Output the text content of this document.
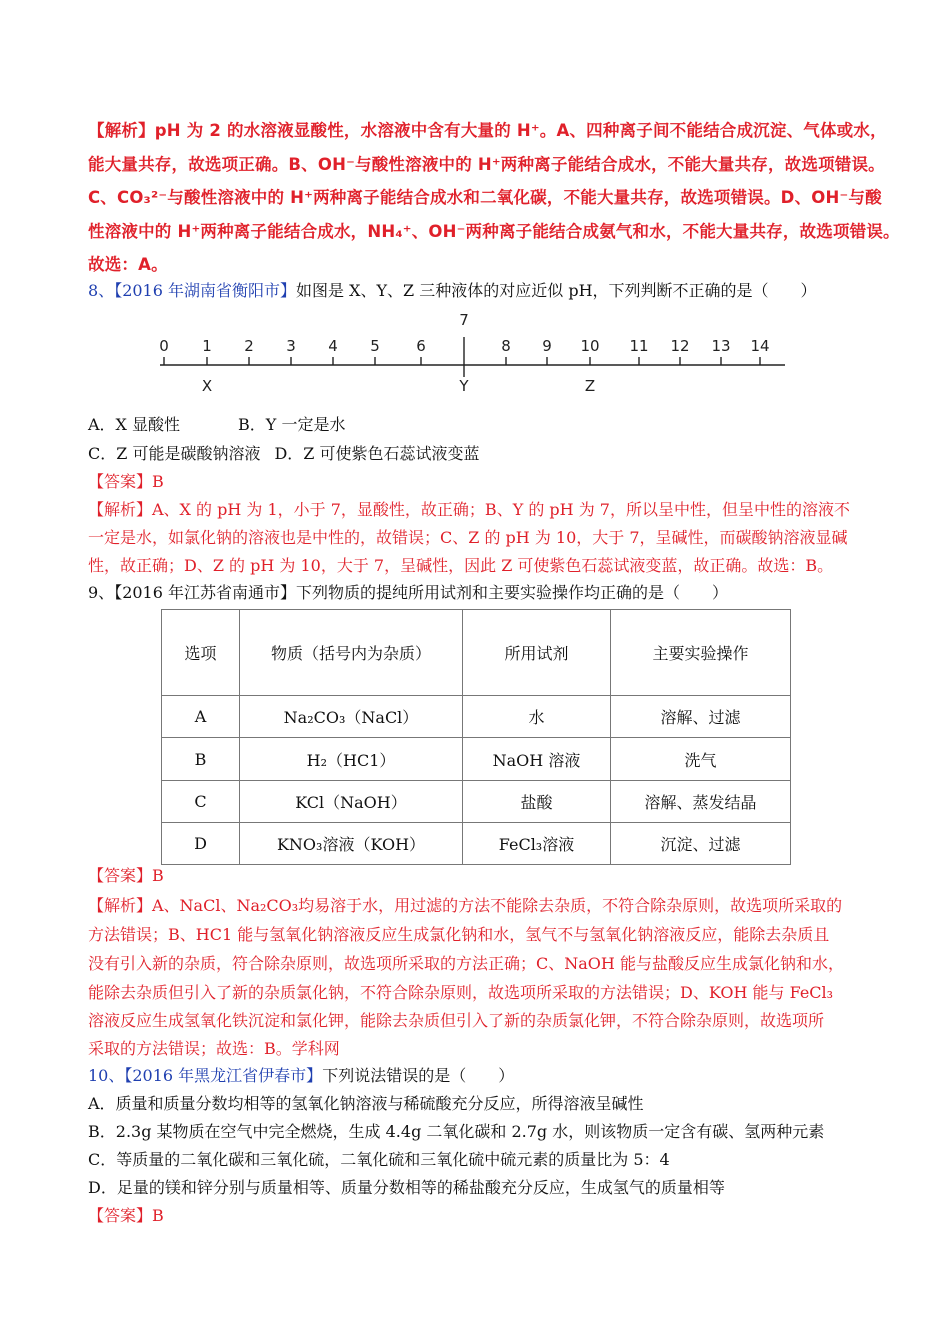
【解析】pH 为 2 的水溶液显酸性，水溶液中含有大量的 H⁺。A、四种离子间不能结合成沉淀、气体或水，
能大量共存，故选项正确。B、OH⁻与酸性溶液中的 H⁺两种离子能结合成水，不能大量共存，故选项错误。
C、CO₃²⁻与酸性溶液中的 H⁺两种离子能结合成水和二氧化碳，不能大量共存，故选项错误。D、OH⁻与酸
性溶液中的 H⁺两种离子能结合成水，NH₄⁺、OH⁻两种离子能结合成氨气和水，不能大量共存，故选项错误。
故选：A。
8、【2016 年湖南省衡阳市】如图是 X、Y、Z 三种液体的对应近似 pH，下列判断不正确的是（　　）
0 1 2 3 4 5 6
7
8 9 10 11 12 13 14
X	Y	Z
A．X 显酸性	B．Y 一定是水
C．Z 可能是碳酸钠溶液 D．Z 可使紫色石蕊试液变蓝
【答案】B
【解析】A、X 的 pH 为 1，小于 7，显酸性，故正确；B、Y 的 pH 为 7，所以呈中性，但呈中性的溶液不
一定是水，如氯化钠的溶液也是中性的，故错误；C、Z 的 pH 为 10，大于 7，呈碱性，而碳酸钠溶液显碱
性，故正确；D、Z 的 pH 为 10，大于 7，呈碱性，因此 Z 可使紫色石蕊试液变蓝，故正确。故选：B。
9、【2016 年江苏省南通市】下列物质的提纯所用试剂和主要实验操作均正确的是（　　）
选项	物质（括号内为杂质）	所用试剂	主要实验操作
A	Na₂CO₃（NaCl）	水	溶解、过滤
B	H₂（HC1）	NaOH 溶液	洗气
C	KCl（NaOH）	盐酸	溶解、蒸发结晶
D	KNO₃溶液（KOH）	FeCl₃溶液	沉淀、过滤
【答案】B
【解析】A、NaCl、Na₂CO₃均易溶于水，用过滤的方法不能除去杂质，不符合除杂原则，故选项所采取的
方法错误；B、HC1 能与氢氧化钠溶液反应生成氯化钠和水，氢气不与氢氧化钠溶液反应，能除去杂质且
没有引入新的杂质，符合除杂原则，故选项所采取的方法正确；C、NaOH 能与盐酸反应生成氯化钠和水，
能除去杂质但引入了新的杂质氯化钠，不符合除杂原则，故选项所采取的方法错误；D、KOH 能与 FeCl₃
溶液反应生成氢氧化铁沉淀和氯化钾，能除去杂质但引入了新的杂质氯化钾，不符合除杂原则，故选项所
采取的方法错误；故选：B。学科网
10、【2016 年黑龙江省伊春市】下列说法错误的是（　　）
A．质量和质量分数均相等的氢氧化钠溶液与稀硫酸充分反应，所得溶液呈碱性
B．2.3g 某物质在空气中完全燃烧，生成 4.4g 二氧化碳和 2.7g 水，则该物质一定含有碳、氢两种元素
C．等质量的二氧化碳和三氧化硫，二氧化硫和三氧化硫中硫元素的质量比为 5：4
D．足量的镁和锌分别与质量相等、质量分数相等的稀盐酸充分反应，生成氢气的质量相等
【答案】B
